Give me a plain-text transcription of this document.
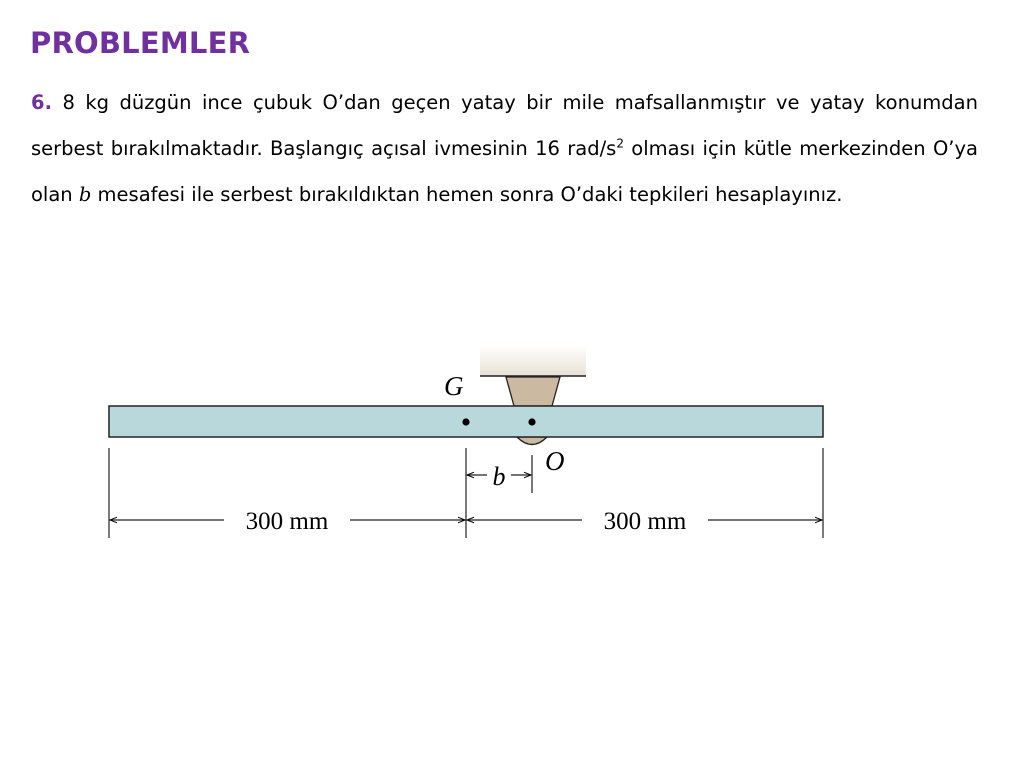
PROBLEMLER
6. 8 kg düzgün ince çubuk O’dan geçen yatay bir mile mafsallanmıştır ve yatay konumdan serbest bırakılmaktadır. Başlangıç açısal ivmesinin 16 rad/$s^2$ olması için kütle merkezinden O’ya olan b mesafesi ile serbest bırakıldıktan hemen sonra O’daki tepkileri hesaplayınız.
G
O
b
300 mm	300 mm
